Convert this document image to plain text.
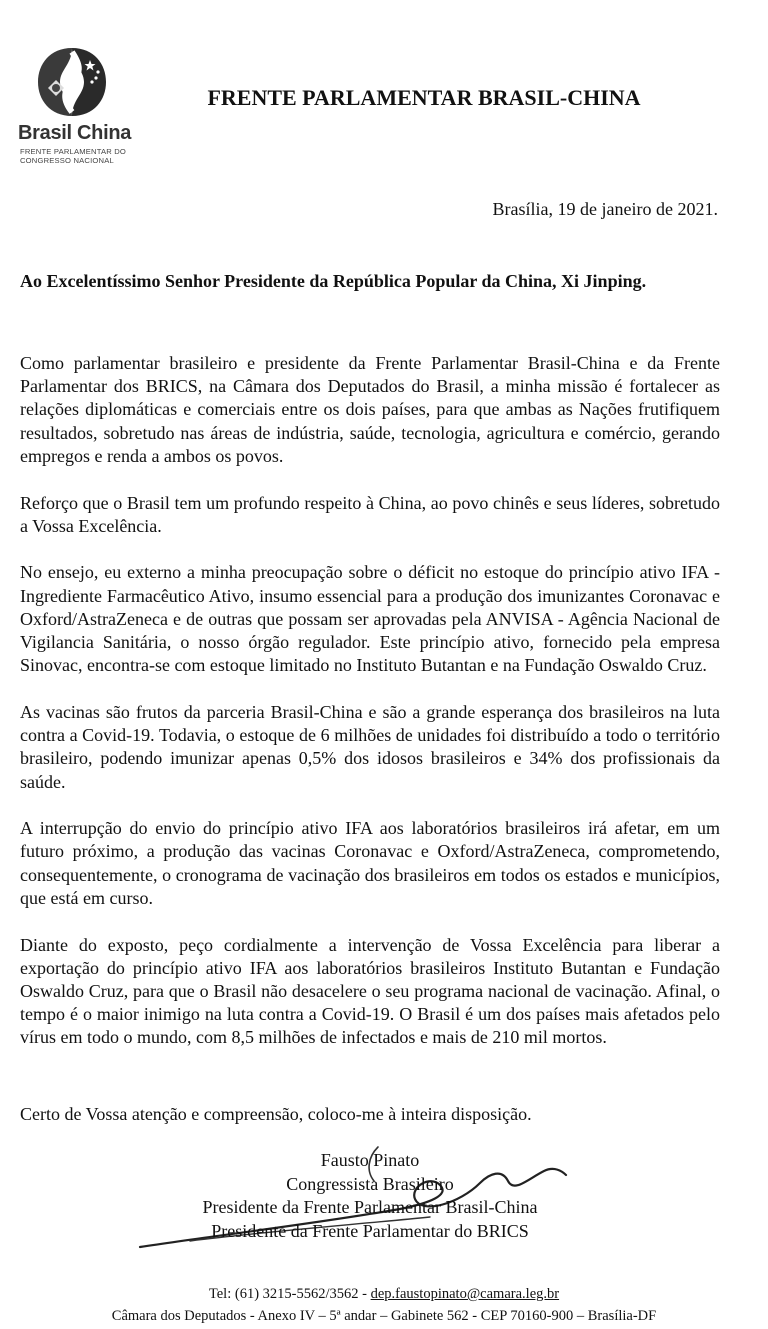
Brasil China
FRENTE PARLAMENTAR DO
CONGRESSO NACIONAL
FRENTE PARLAMENTAR BRASIL-CHINA
Brasília, 19 de janeiro de 2021.
Ao Excelentíssimo Senhor Presidente da República Popular da China, Xi Jinping.

Como parlamentar brasileiro e presidente da Frente Parlamentar Brasil-China e da Frente Parlamentar dos BRICS, na Câmara dos Deputados do Brasil, a minha missão é fortalecer as relações diplomáticas e comerciais entre os dois países, para que ambas as Nações frutifiquem resultados, sobretudo nas áreas de indústria, saúde, tecnologia, agricultura e comércio, gerando empregos e renda a ambos os povos.

Reforço que o Brasil tem um profundo respeito à China, ao povo chinês e seus líderes, sobretudo a Vossa Excelência.

No ensejo, eu externo a minha preocupação sobre o déficit no estoque do princípio ativo IFA - Ingrediente Farmacêutico Ativo, insumo essencial para a produção dos imunizantes Coronavac e Oxford/AstraZeneca e de outras que possam ser aprovadas pela ANVISA - Agência Nacional de Vigilancia Sanitária, o nosso órgão regulador. Este princípio ativo, fornecido pela empresa Sinovac, encontra-se com estoque limitado no Instituto Butantan e na Fundação Oswaldo Cruz.

As vacinas são frutos da parceria Brasil-China e são a grande esperança dos brasileiros na luta contra a Covid-19. Todavia, o estoque de 6 milhões de unidades foi distribuído a todo o território brasileiro, podendo imunizar apenas 0,5% dos idosos brasileiros e 34% dos profissionais da saúde.

A interrupção do envio do princípio ativo IFA aos laboratórios brasileiros irá afetar, em um futuro próximo, a produção das vacinas Coronavac e Oxford/AstraZeneca, comprometendo, consequentemente, o cronograma de vacinação dos brasileiros em todos os estados e municípios, que está em curso.

Diante do exposto, peço cordialmente a intervenção de Vossa Excelência para liberar a exportação do princípio ativo IFA aos laboratórios brasileiros Instituto Butantan e Fundação Oswaldo Cruz, para que o Brasil não desacelere o seu programa nacional de vacinação. Afinal, o tempo é o maior inimigo na luta contra a Covid-19. O Brasil é um dos países mais afetados pelo vírus em todo o mundo, com 8,5 milhões de infectados e mais de 210 mil mortos.

Certo de Vossa atenção e compreensão, coloco-me à inteira disposição.
Fausto Pinato
Congressista Brasileiro
Presidente da Frente Parlamentar Brasil-China
Presidente da Frente Parlamentar do BRICS
Tel: (61) 3215-5562/3562 - dep.faustopinato@camara.leg.br
Câmara dos Deputados - Anexo IV – 5ª andar – Gabinete 562 - CEP 70160-900 – Brasília-DF
